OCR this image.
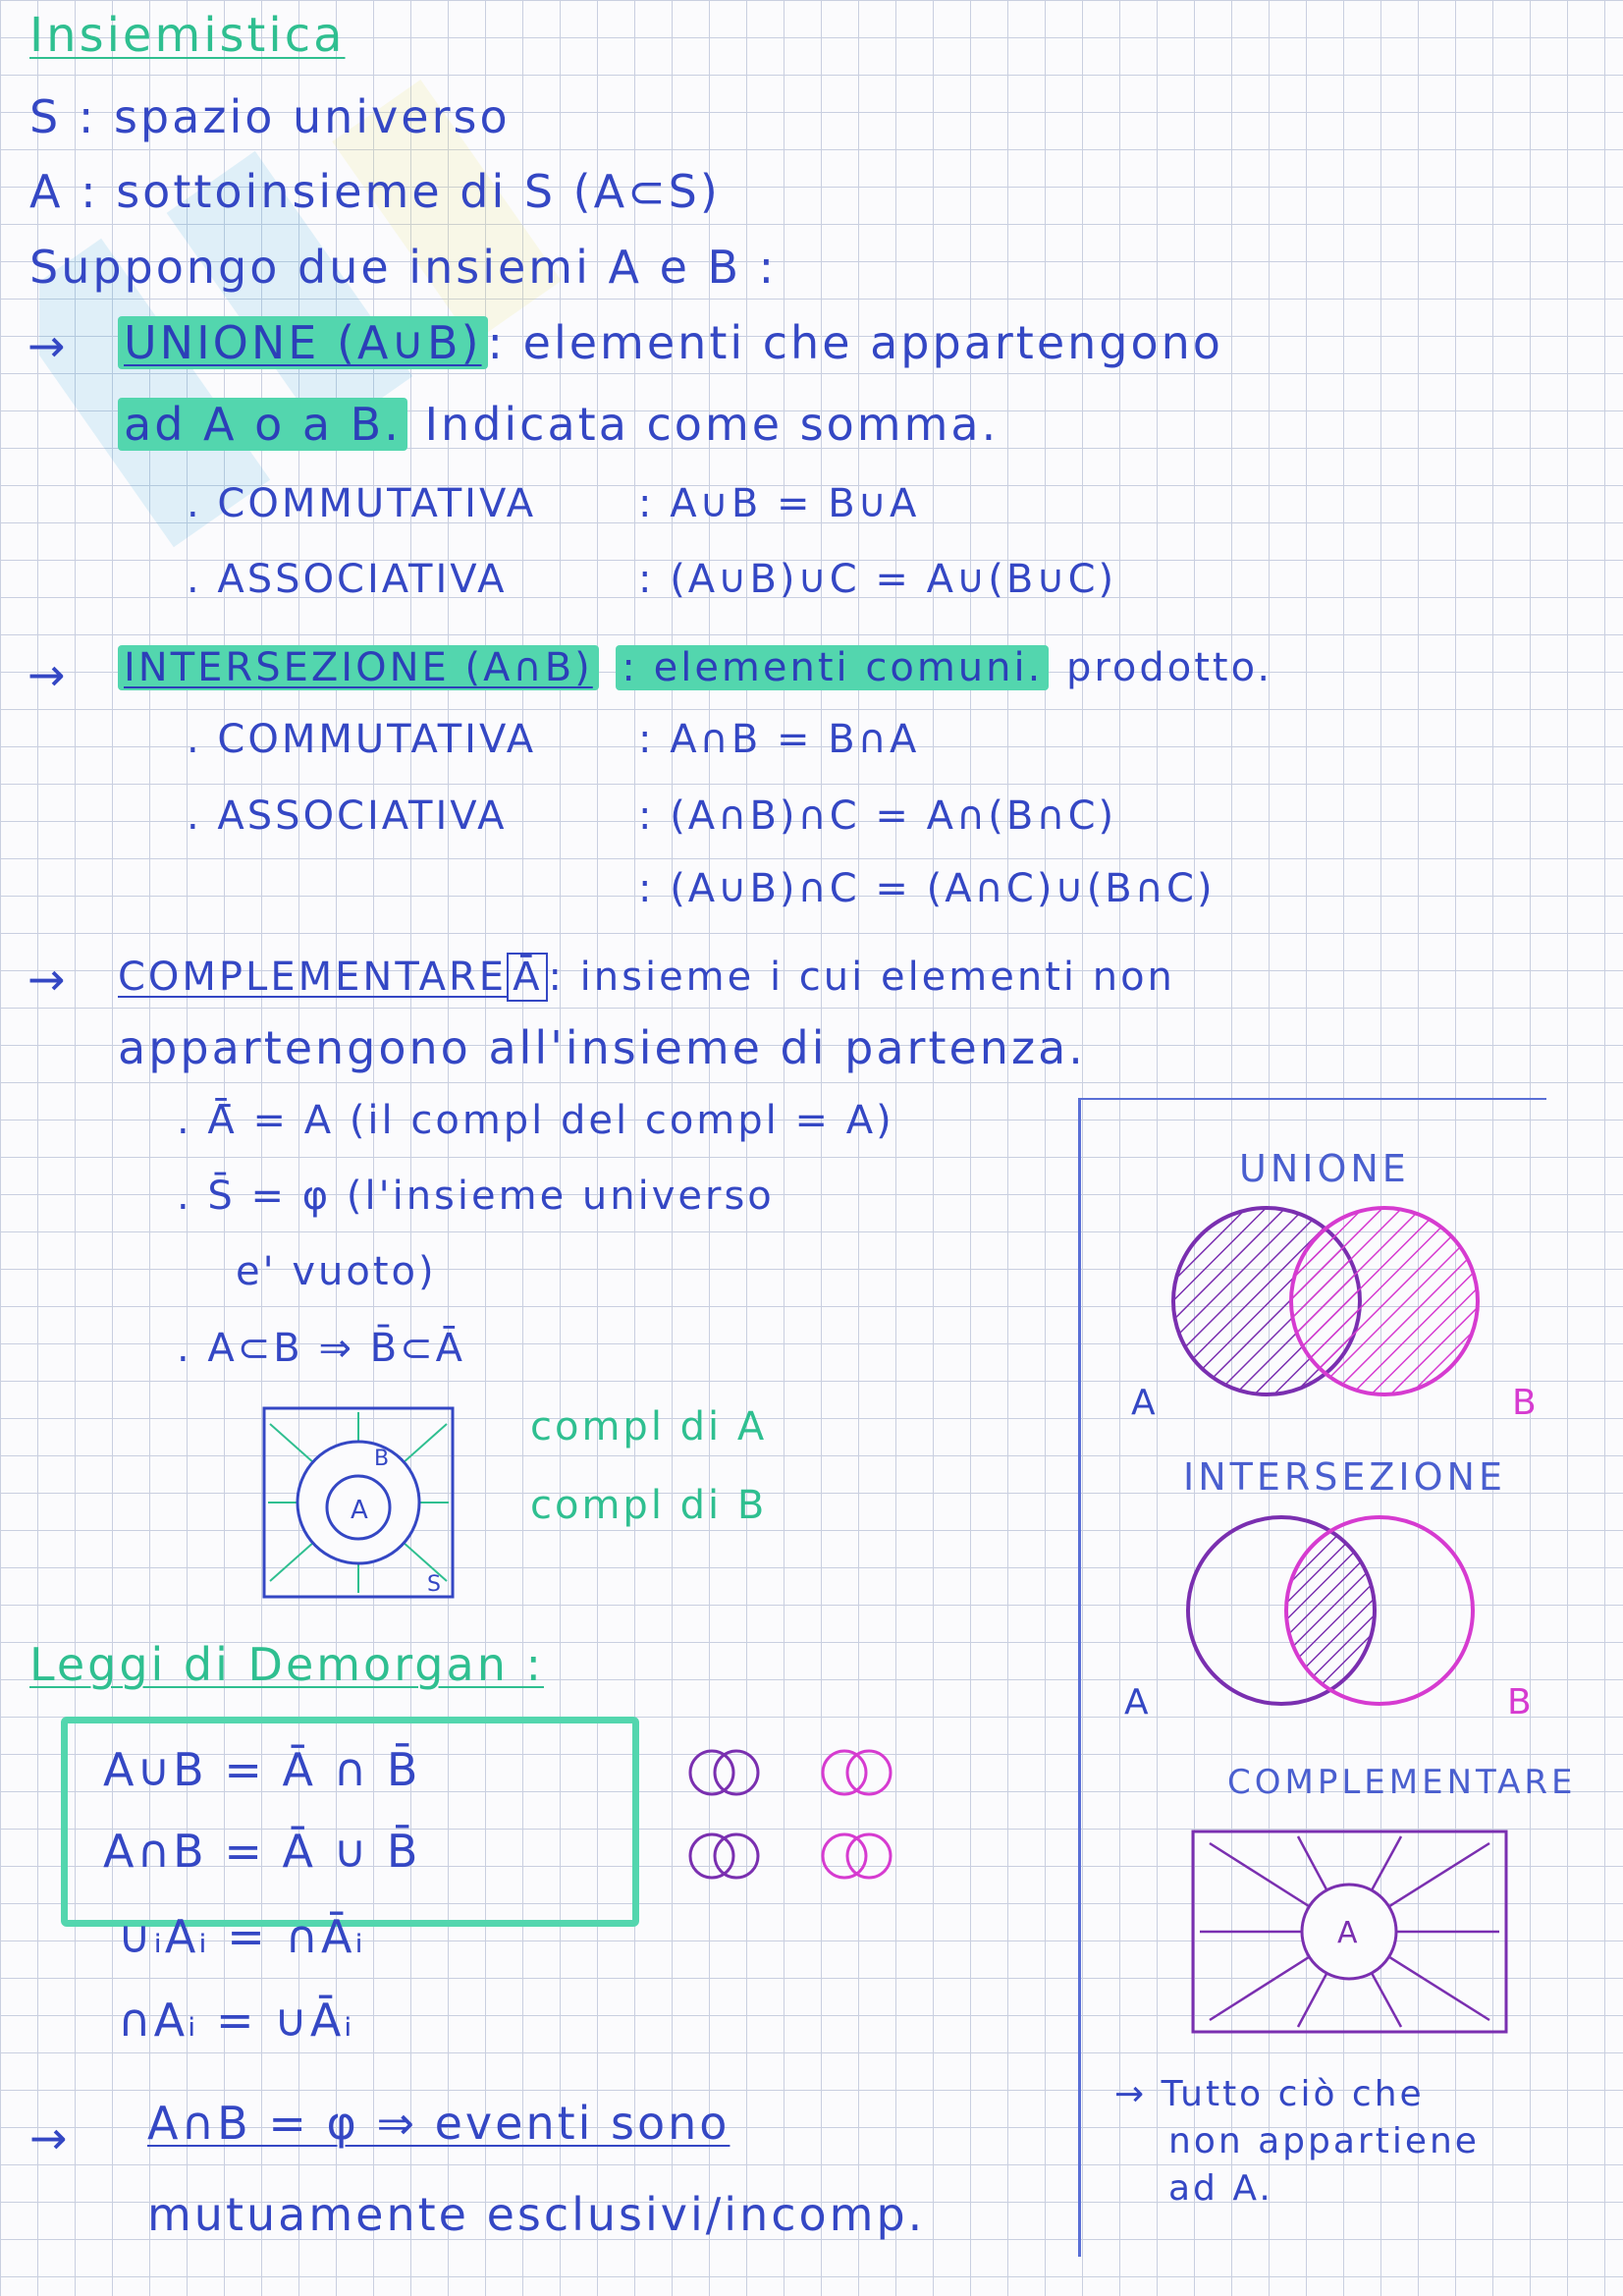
Insiemistica
S : spazio universo
A : sottoinsieme di S (A⊂S)
Suppongo due insiemi A e B :
→ UNIONE (A∪B) : elementi che appartengono
ad A o a B. Indicata come somma.
. COMMUTATIVA	: A∪B = B∪A
. ASSOCIATIVA	: (A∪B)∪C = A∪(B∪C)
→ INTERSEZIONE (A∩B) : elementi comuni. prodotto.
. COMMUTATIVA	: A∩B = B∩A
. ASSOCIATIVA	: (A∩B)∩C = A∩(B∩C)
: (A∪B)∩C = (A∩C)∪(B∩C)
→ COMPLEMENTARE Ā : insieme i cui elementi non
appartengono all'insieme di partenza.
. Ā̄ = A (il compl del compl = A)
. S̄ = φ (l'insieme universo
e' vuoto)
. A⊂B ⇒ B̄⊂Ā
A
B
S
compl di A
compl di B
Leggi di Demorgan :
A∪B = Ā ∩ B̄
A∩B = Ā ∪ B̄
∪ᵢAᵢ = ∩Āᵢ
∩Aᵢ = ∪Āᵢ
→ A∩B = φ ⇒ eventi sono
mutuamente esclusivi/incomp.
UNIONE
A	B
INTERSEZIONE
A	B
COMPLEMENTARE
A
→ Tutto ciò che
non appartiene
ad A.
